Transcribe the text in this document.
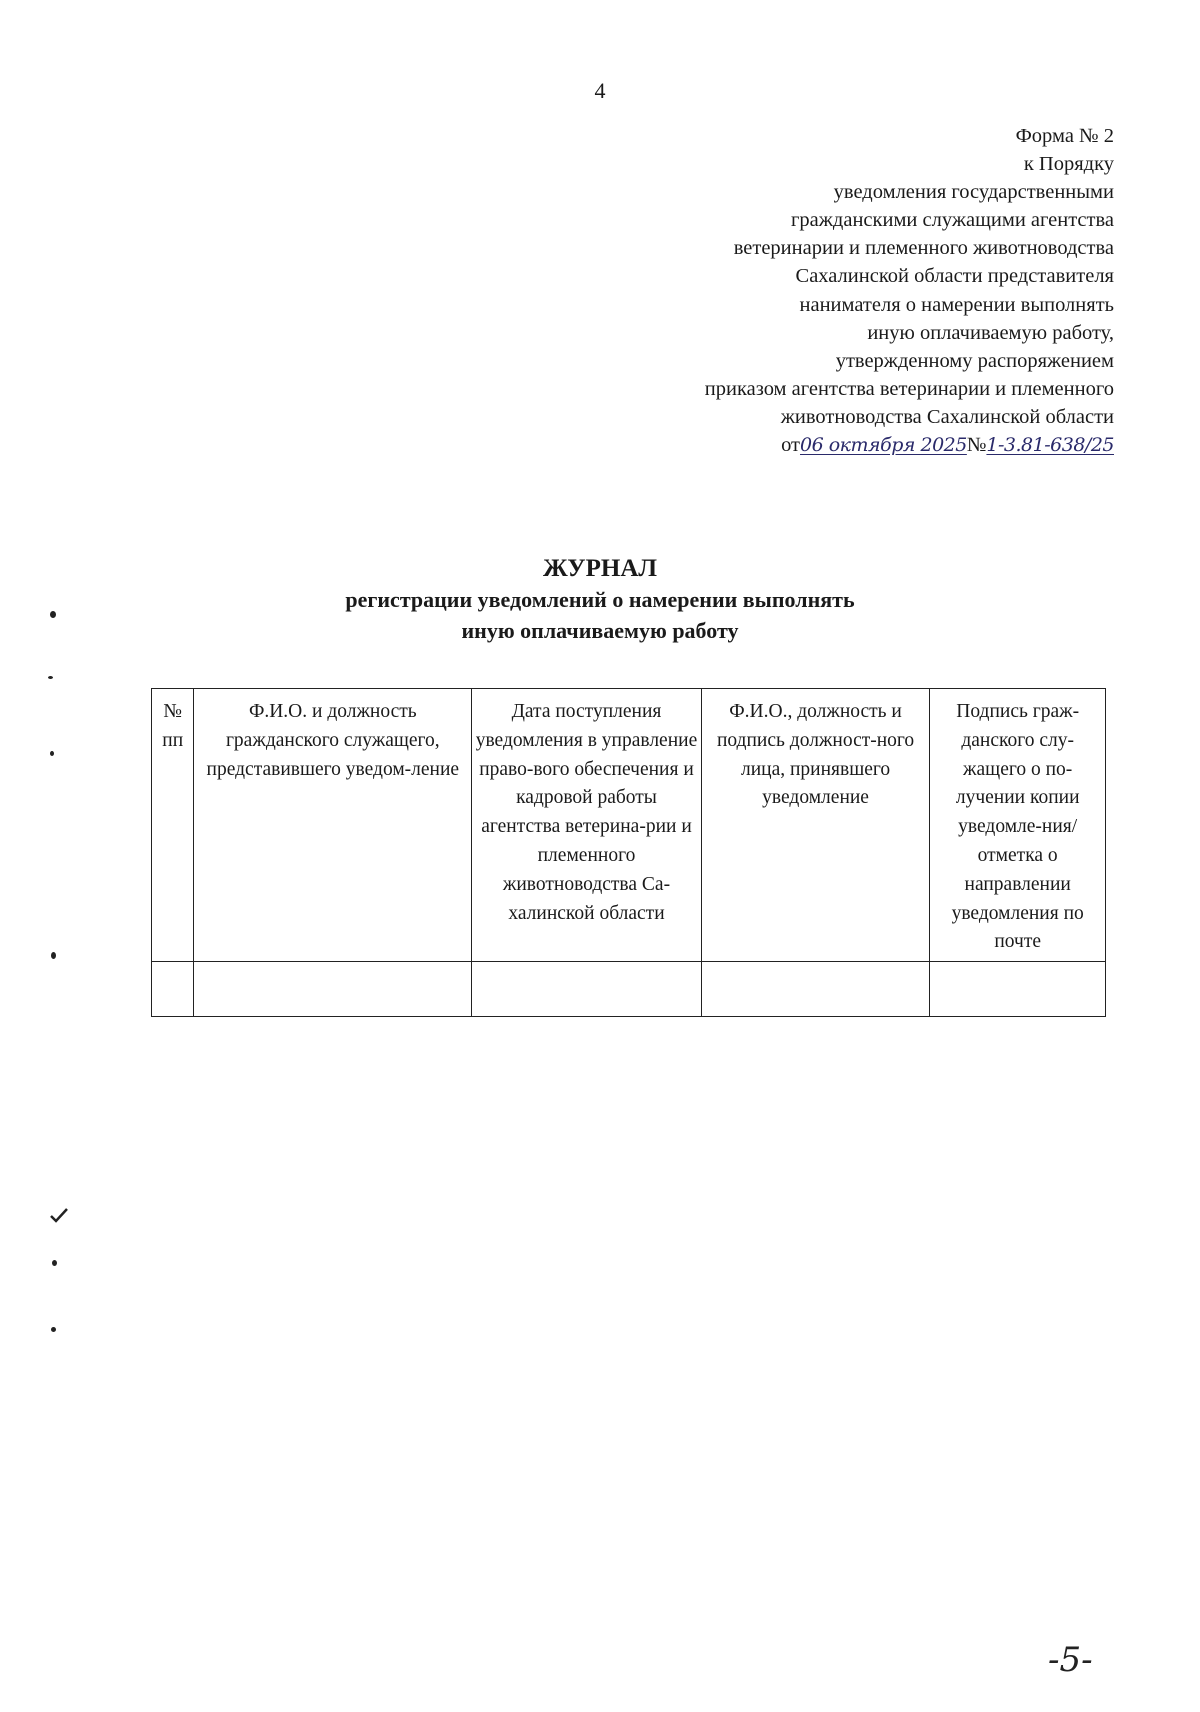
4
Форма № 2
к Порядку
уведомления государственными
гражданскими служащими агентства
ветеринарии и племенного животноводства
Сахалинской области представителя
нанимателя о намерении выполнять
иную оплачиваемую работу,
утвержденному распоряжением
приказом агентства ветеринарии и племенного
животноводства Сахалинской области
от06 октября 2025№1-3.81-638/25
ЖУРНАЛ
регистрации уведомлений о намерении выполнять
иную оплачиваемую работу
№ пп	Ф.И.О. и должность гражданского служащего, представившего уведом-ление	Дата поступления уведомления в управление право-вого обеспечения и кадровой работы агентства ветерина-рии и племенного животноводства Са-халинской области	Ф.И.О., должность и подпись должност-ного лица, принявшего уведомление	Подпись граж-данского слу-жащего о по-лучении копии уведомле-ния/отметка о направлении уведомления по почте

-5-
